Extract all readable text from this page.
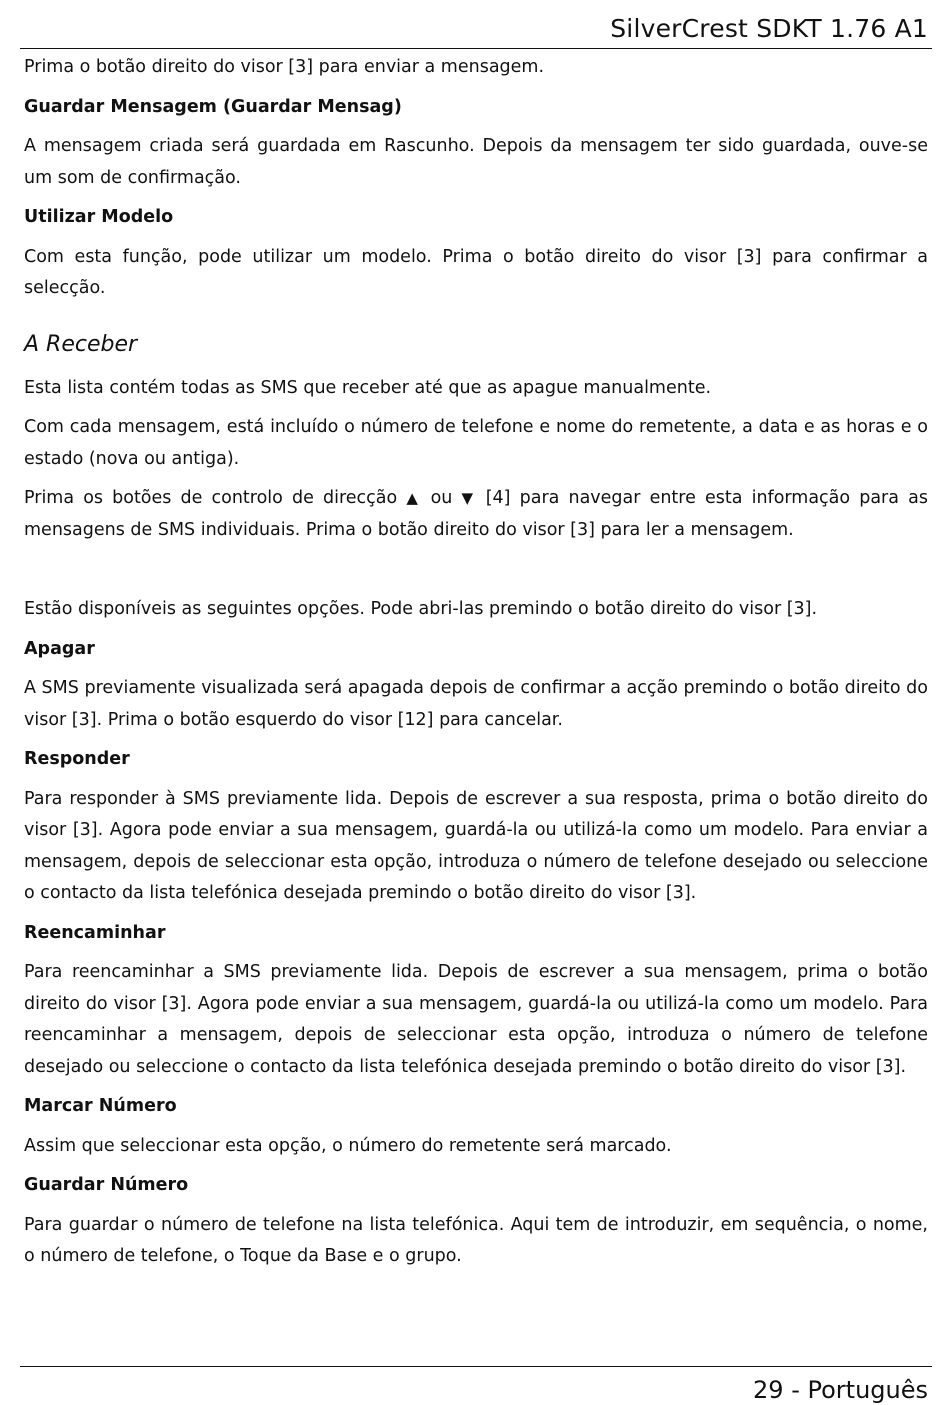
SilverCrest SDKT 1.76 A1

Prima o botão direito do visor [3] para enviar a mensagem.

Guardar Mensagem (Guardar Mensag)

A mensagem criada será guardada em Rascunho. Depois da mensagem ter sido guardada, ouve-se um som de confirmação.

Utilizar Modelo

Com esta função, pode utilizar um modelo. Prima o botão direito do visor [3] para confirmar a selecção.

A Receber

Esta lista contém todas as SMS que receber até que as apague manualmente.

Com cada mensagem, está incluído o número de telefone e nome do remetente, a data e as horas e o estado (nova ou antiga).

Prima os botões de controlo de direcção ▲ ou ▼ [4] para navegar entre esta informação para as mensagens de SMS individuais. Prima o botão direito do visor [3] para ler a mensagem.

Estão disponíveis as seguintes opções. Pode abri-las premindo o botão direito do visor [3].

Apagar

A SMS previamente visualizada será apagada depois de confirmar a acção premindo o botão direito do visor [3]. Prima o botão esquerdo do visor [12] para cancelar.

Responder

Para responder à SMS previamente lida. Depois de escrever a sua resposta, prima o botão direito do visor [3]. Agora pode enviar a sua mensagem, guardá-la ou utilizá-la como um modelo. Para enviar a mensagem, depois de seleccionar esta opção, introduza o número de telefone desejado ou seleccione o contacto da lista telefónica desejada premindo o botão direito do visor [3].

Reencaminhar

Para reencaminhar a SMS previamente lida. Depois de escrever a sua mensagem, prima o botão direito do visor [3]. Agora pode enviar a sua mensagem, guardá-la ou utilizá-la como um modelo. Para reencaminhar a mensagem, depois de seleccionar esta opção, introduza o número de telefone desejado ou seleccione o contacto da lista telefónica desejada premindo o botão direito do visor [3].

Marcar Número

Assim que seleccionar esta opção, o número do remetente será marcado.

Guardar Número

Para guardar o número de telefone na lista telefónica. Aqui tem de introduzir, em sequência, o nome, o número de telefone, o Toque da Base e o grupo.

29 - Português
